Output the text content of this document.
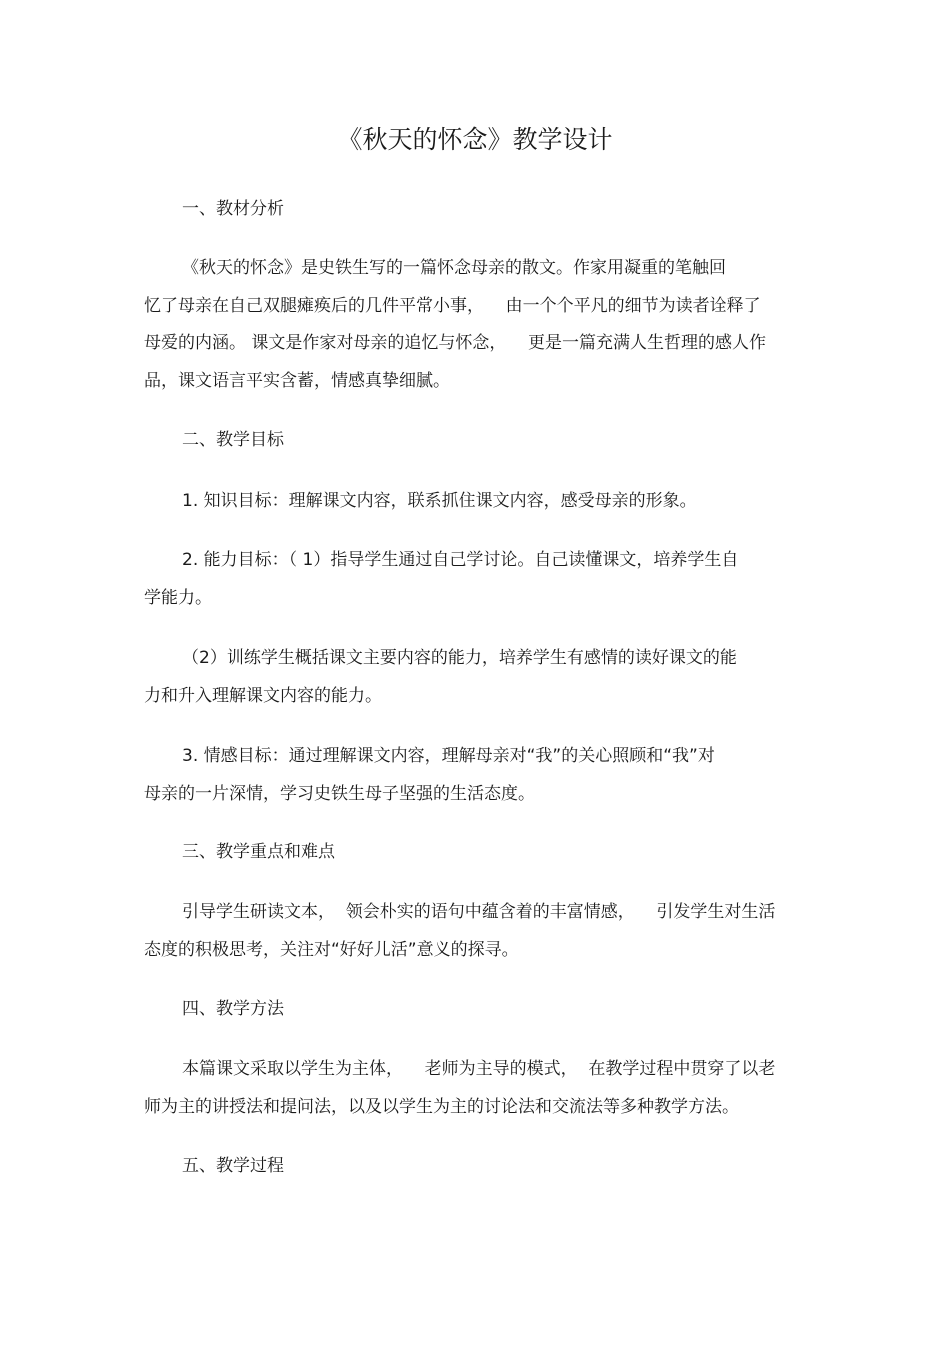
《秋天的怀念》教学设计
一、教材分析
《秋天的怀念》是史铁生写的一篇怀念母亲的散文。作家用凝重的笔触回
忆了母亲在自己双腿瘫痪后的几件平常小事，    由一个个平凡的细节为读者诠释了
母爱的内涵。 课文是作家对母亲的追忆与怀念，    更是一篇充满人生哲理的感人作
品，课文语言平实含蓄，情感真挚细腻。
二、教学目标
1. 知识目标：理解课文内容，联系抓住课文内容，感受母亲的形象。
2. 能力目标：（ 1）指导学生通过自己学讨论。自己读懂课文，培养学生自
学能力。
（2）训练学生概括课文主要内容的能力，培养学生有感情的读好课文的能
力和升入理解课文内容的能力。
3. 情感目标：通过理解课文内容，理解母亲对“我”的关心照顾和“我”对
母亲的一片深情，学习史铁生母子坚强的生活态度。
三、教学重点和难点
引导学生研读文本，  领会朴实的语句中蕴含着的丰富情感，    引发学生对生活
态度的积极思考，关注对“好好儿活”意义的探寻。
四、教学方法
本篇课文采取以学生为主体，    老师为主导的模式，  在教学过程中贯穿了以老
师为主的讲授法和提问法，以及以学生为主的讨论法和交流法等多种教学方法。
五、教学过程
